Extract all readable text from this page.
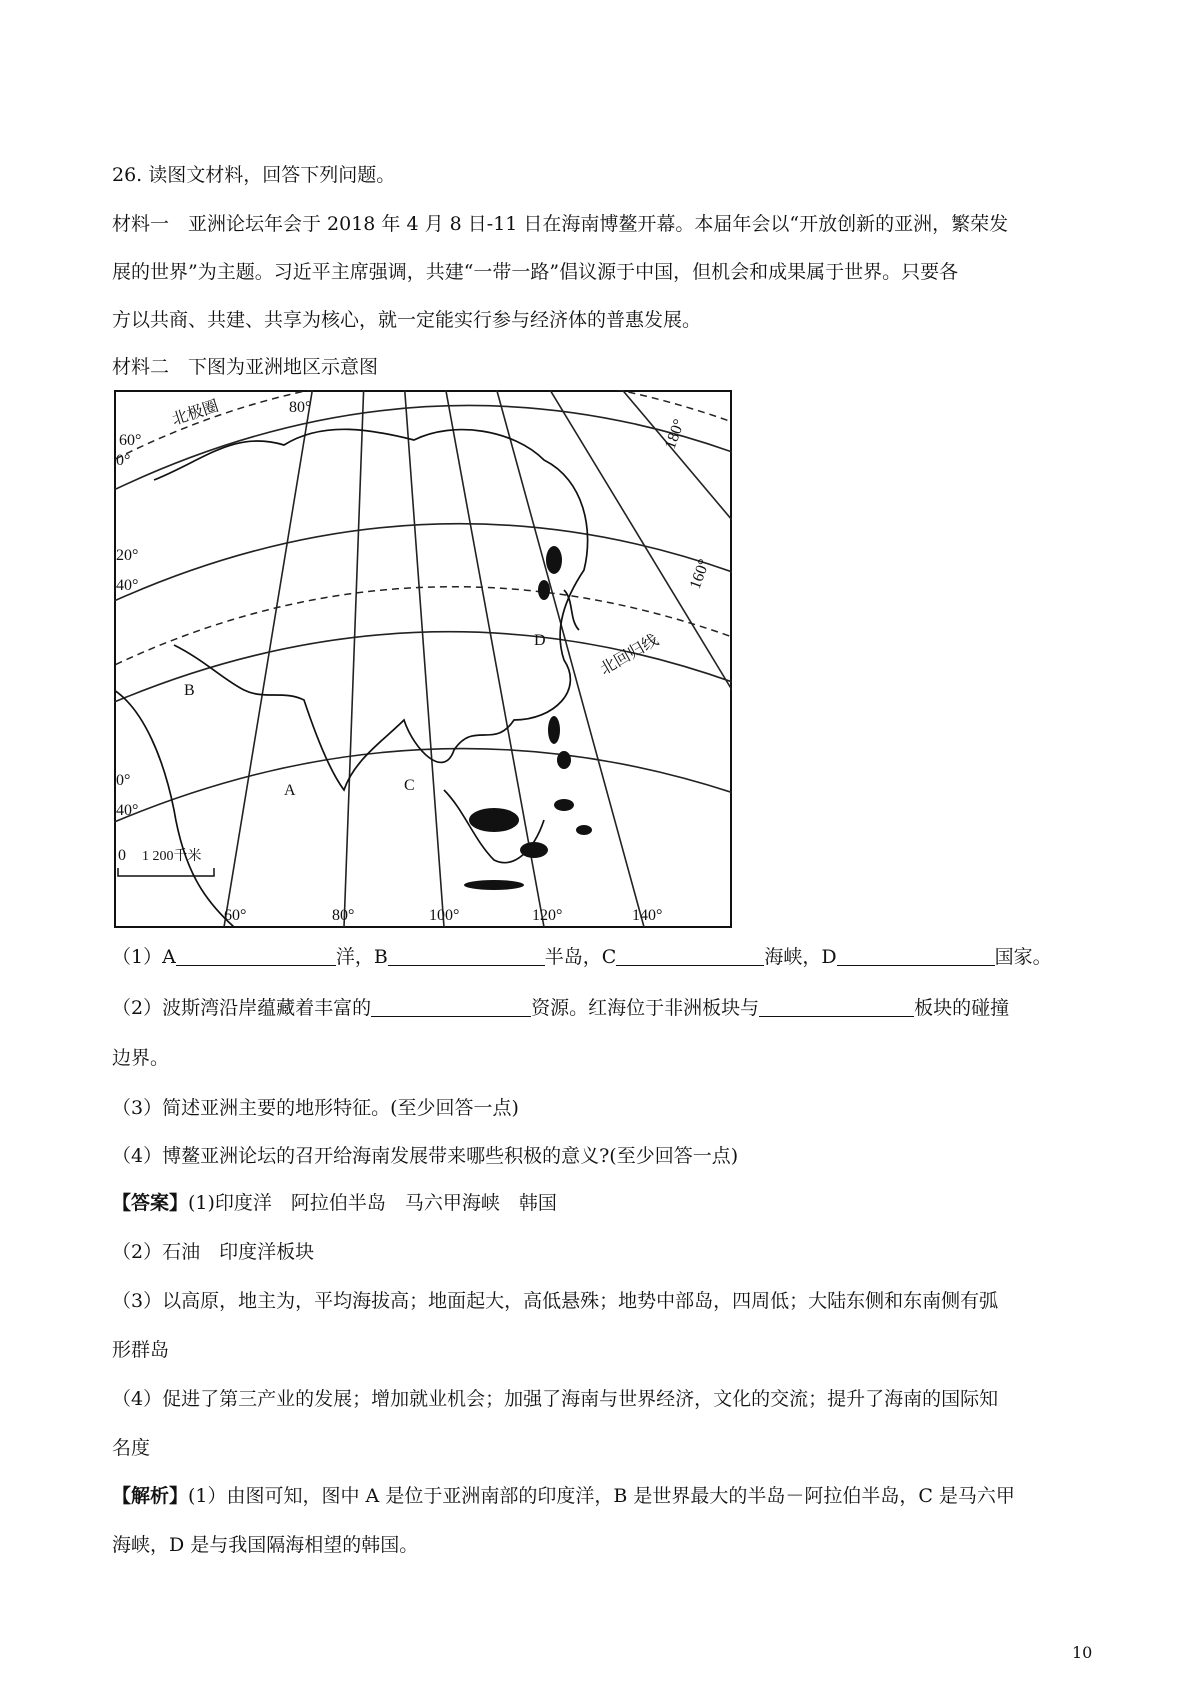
26. 读图文材料，回答下列问题。
材料一　亚洲论坛年会于 2018 年 4 月 8 日-11 日在海南博鳌开幕。本届年会以“开放创新的亚洲，繁荣发
展的世界”为主题。习近平主席强调，共建“一带一路”倡议源于中国，但机会和成果属于世界。只要各
方以共商、共建、共享为核心，就一定能实行参与经济体的普惠发展。
材料二　下图为亚洲地区示意图
北极圈
北回归线
60°
0°
20°
40°
0°
40°
80°
180°
160°
60°	80°	100°	120°	140°
B
A	C
D
0 1 200千米
（1）A	洋，B	半岛，C	海峡，D	国家。
（2）波斯湾沿岸蕴藏着丰富的	资源。红海位于非洲板块与	板块的碰撞
边界。
（3）简述亚洲主要的地形特征。(至少回答一点)
（4）博鳌亚洲论坛的召开给海南发展带来哪些积极的意义?(至少回答一点)
【答案】(1)印度洋　阿拉伯半岛　马六甲海峡　韩国
（2）石油　印度洋板块
（3）以高原，地主为，平均海拔高；地面起大，高低悬殊；地势中部岛，四周低；大陆东侧和东南侧有弧
形群岛
（4）促进了第三产业的发展；增加就业机会；加强了海南与世界经济，文化的交流；提升了海南的国际知
名度
【解析】(1）由图可知，图中 A 是位于亚洲南部的印度洋，B 是世界最大的半岛－阿拉伯半岛，C 是马六甲
海峡，D 是与我国隔海相望的韩国。
10
